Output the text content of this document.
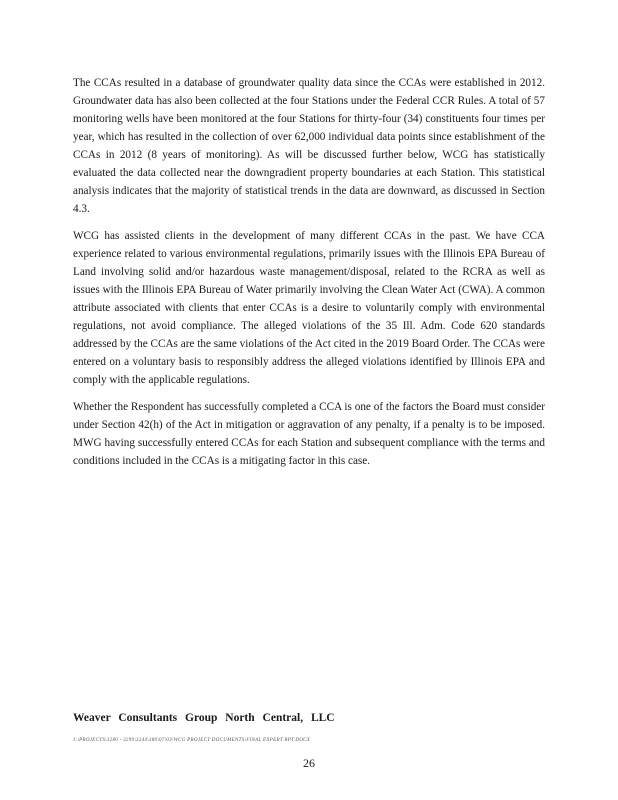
The CCAs resulted in a database of groundwater quality data since the CCAs were established in 2012. Groundwater data has also been collected at the four Stations under the Federal CCR Rules. A total of 57 monitoring wells have been monitored at the four Stations for thirty-four (34) constituents four times per year, which has resulted in the collection of over 62,000 individual data points since establishment of the CCAs in 2012 (8 years of monitoring). As will be discussed further below, WCG has statistically evaluated the data collected near the downgradient property boundaries at each Station. This statistical analysis indicates that the majority of statistical trends in the data are downward, as discussed in Section 4.3.

WCG has assisted clients in the development of many different CCAs in the past. We have CCA experience related to various environmental regulations, primarily issues with the Illinois EPA Bureau of Land involving solid and/or hazardous waste management/disposal, related to the RCRA as well as issues with the Illinois EPA Bureau of Water primarily involving the Clean Water Act (CWA). A common attribute associated with clients that enter CCAs is a desire to voluntarily comply with environmental regulations, not avoid compliance. The alleged violations of the 35 Ill. Adm. Code 620 standards addressed by the CCAs are the same violations of the Act cited in the 2019 Board Order. The CCAs were entered on a voluntary basis to responsibly address the alleged violations identified by Illinois EPA and comply with the applicable regulations.

Whether the Respondent has successfully completed a CCA is one of the factors the Board must consider under Section 42(h) of the Act in mitigation or aggravation of any penalty, if a penalty is to be imposed. MWG having successfully entered CCAs for each Station and subsequent compliance with the terms and conditions included in the CCAs is a mitigating factor in this case.

Weaver Consultants Group North Central, LLC
J:\PROJECTS\3280 - 3299\3244\380\07\03\WCG PROJECT DOCUMENTS\FINAL EXPERT RPT.DOCX
26
